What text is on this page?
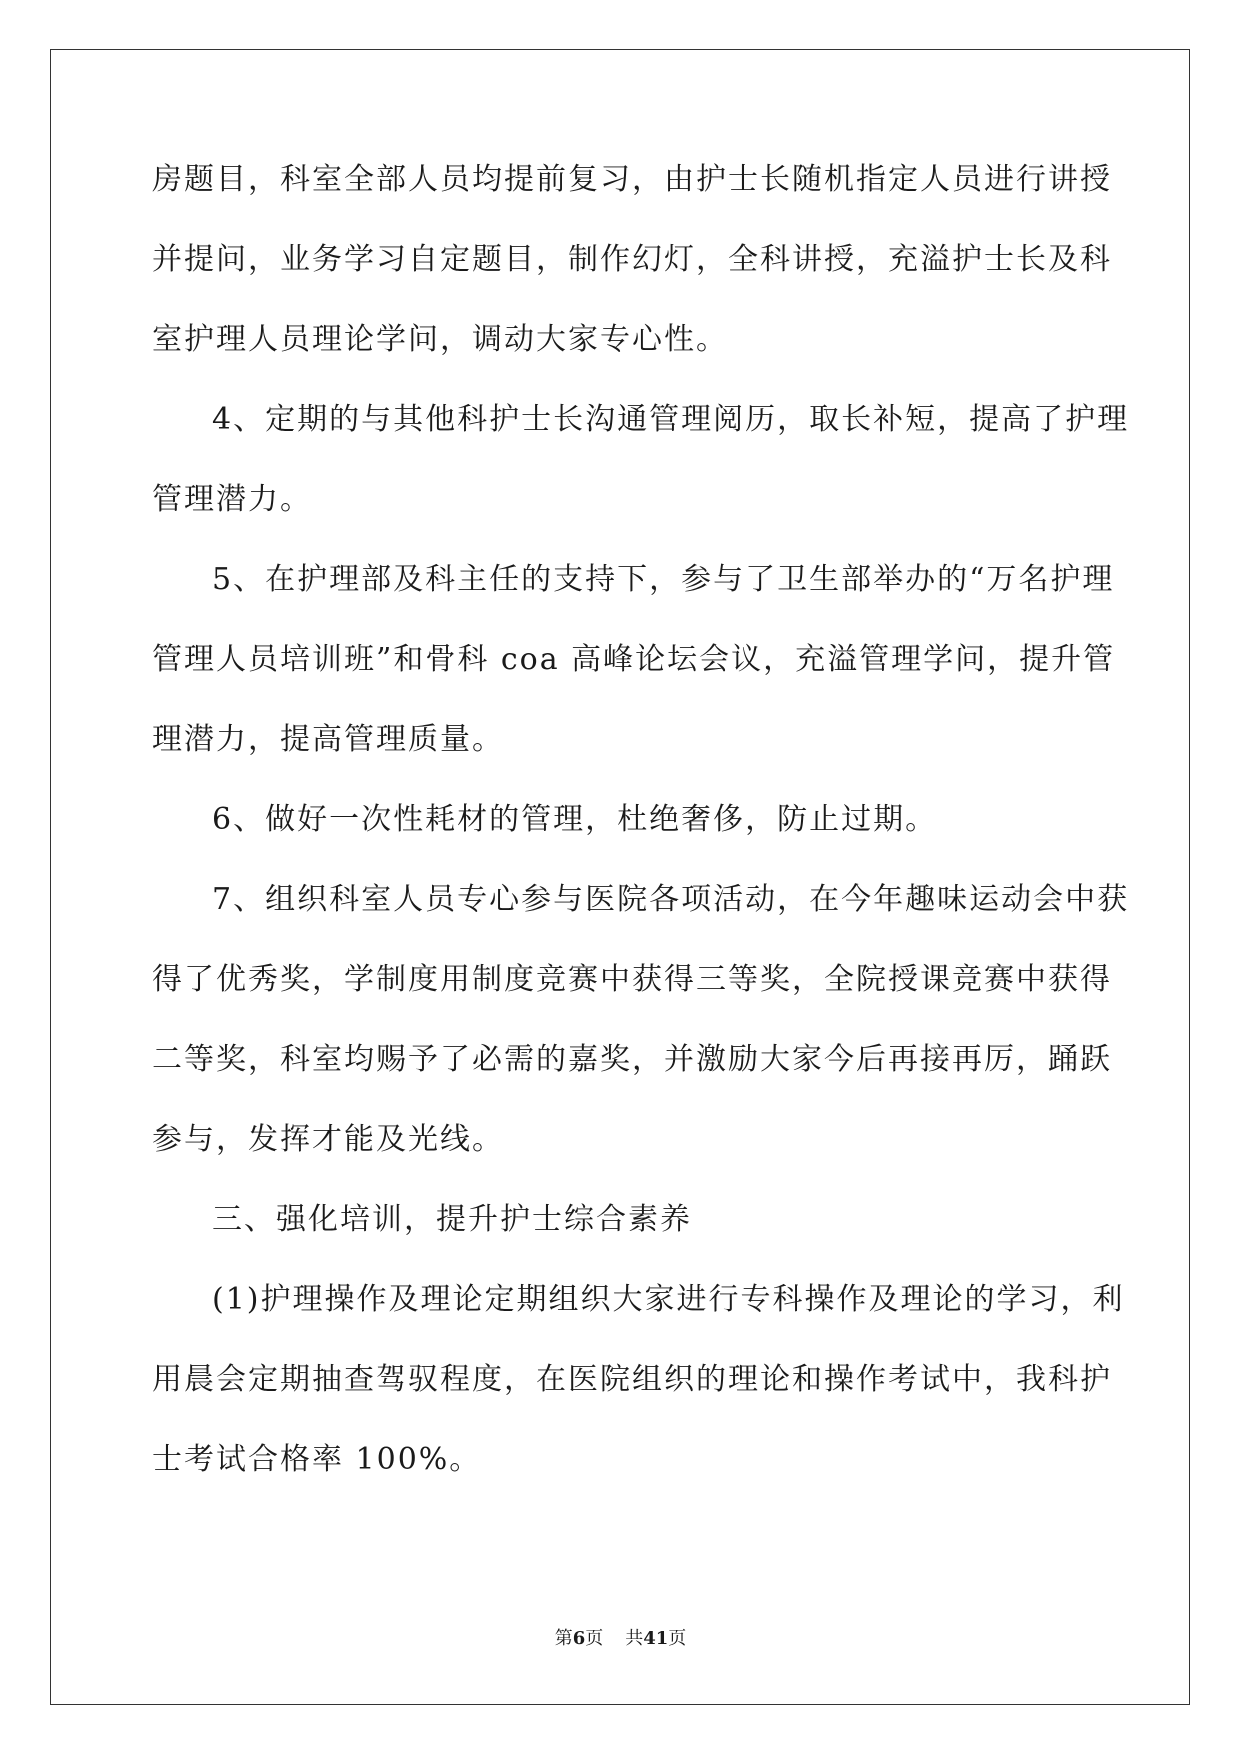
房题目，科室全部人员均提前复习，由护士长随机指定人员进行讲授
并提问，业务学习自定题目，制作幻灯，全科讲授，充溢护士长及科
室护理人员理论学问，调动大家专心性。
4、定期的与其他科护士长沟通管理阅历，取长补短，提高了护理
管理潜力。
5、在护理部及科主任的支持下，参与了卫生部举办的“万名护理
管理人员培训班”和骨科 coa 高峰论坛会议，充溢管理学问，提升管
理潜力，提高管理质量。
6、做好一次性耗材的管理，杜绝奢侈，防止过期。
7、组织科室人员专心参与医院各项活动，在今年趣味运动会中获
得了优秀奖，学制度用制度竞赛中获得三等奖，全院授课竞赛中获得
二等奖，科室均赐予了必需的嘉奖，并激励大家今后再接再厉，踊跃
参与，发挥才能及光线。
三、强化培训，提升护士综合素养
(1)护理操作及理论定期组织大家进行专科操作及理论的学习，利
用晨会定期抽查驾驭程度，在医院组织的理论和操作考试中，我科护
士考试合格率 100%。
第6页 共41页
